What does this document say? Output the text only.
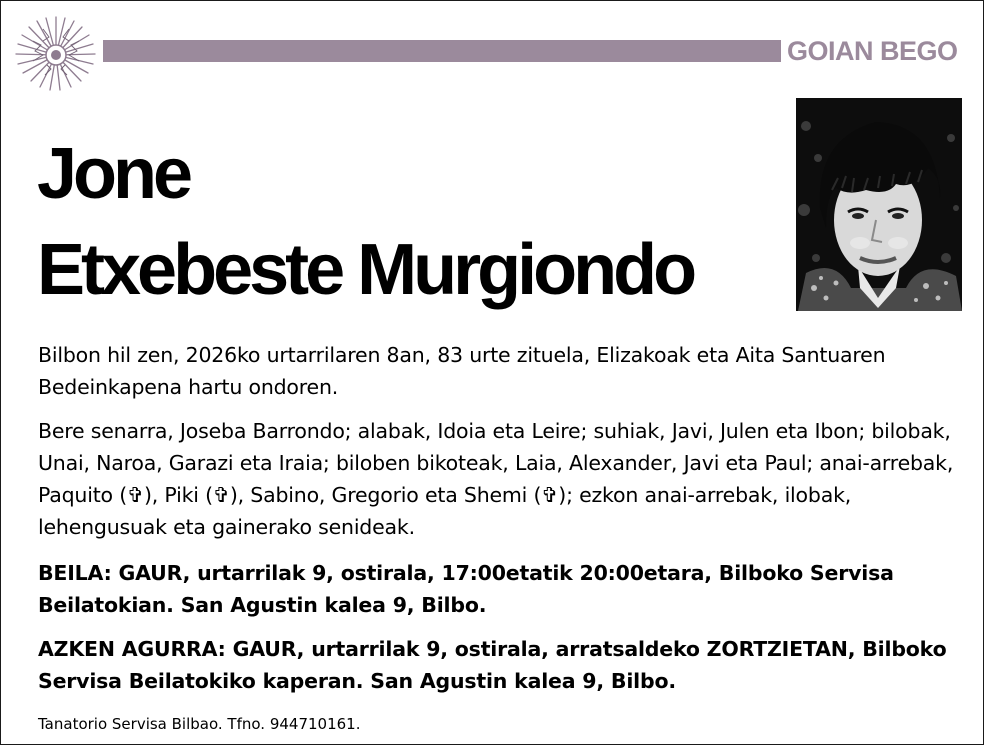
GOIAN BEGO
Jone
Etxebeste Murgiondo

Bilbon hil zen, 2026ko urtarrilaren 8an, 83 urte zituela, Elizakoak eta Aita Santuaren Bedeinkapena hartu ondoren.

Bere senarra, Joseba Barrondo; alabak, Idoia eta Leire; suhiak, Javi, Julen eta Ibon; bilobak, Unai, Naroa, Garazi eta Iraia; biloben bikoteak, Laia, Alexander, Javi eta Paul; anai-arrebak, Paquito (✞), Piki (✞), Sabino, Gregorio eta Shemi (✞); ezkon anai-arrebak, ilobak, lehengusuak eta gainerako senideak.

BEILA: GAUR, urtarrilak 9, ostirala, 17:00etatik 20:00etara, Bilboko Servisa Beilatokian. San Agustin kalea 9, Bilbo.

AZKEN AGURRA: GAUR, urtarrilak 9, ostirala, arratsaldeko ZORTZIETAN, Bilboko Servisa Beilatokiko kaperan. San Agustin kalea 9, Bilbo.

Tanatorio Servisa Bilbao. Tfno. 944710161.
